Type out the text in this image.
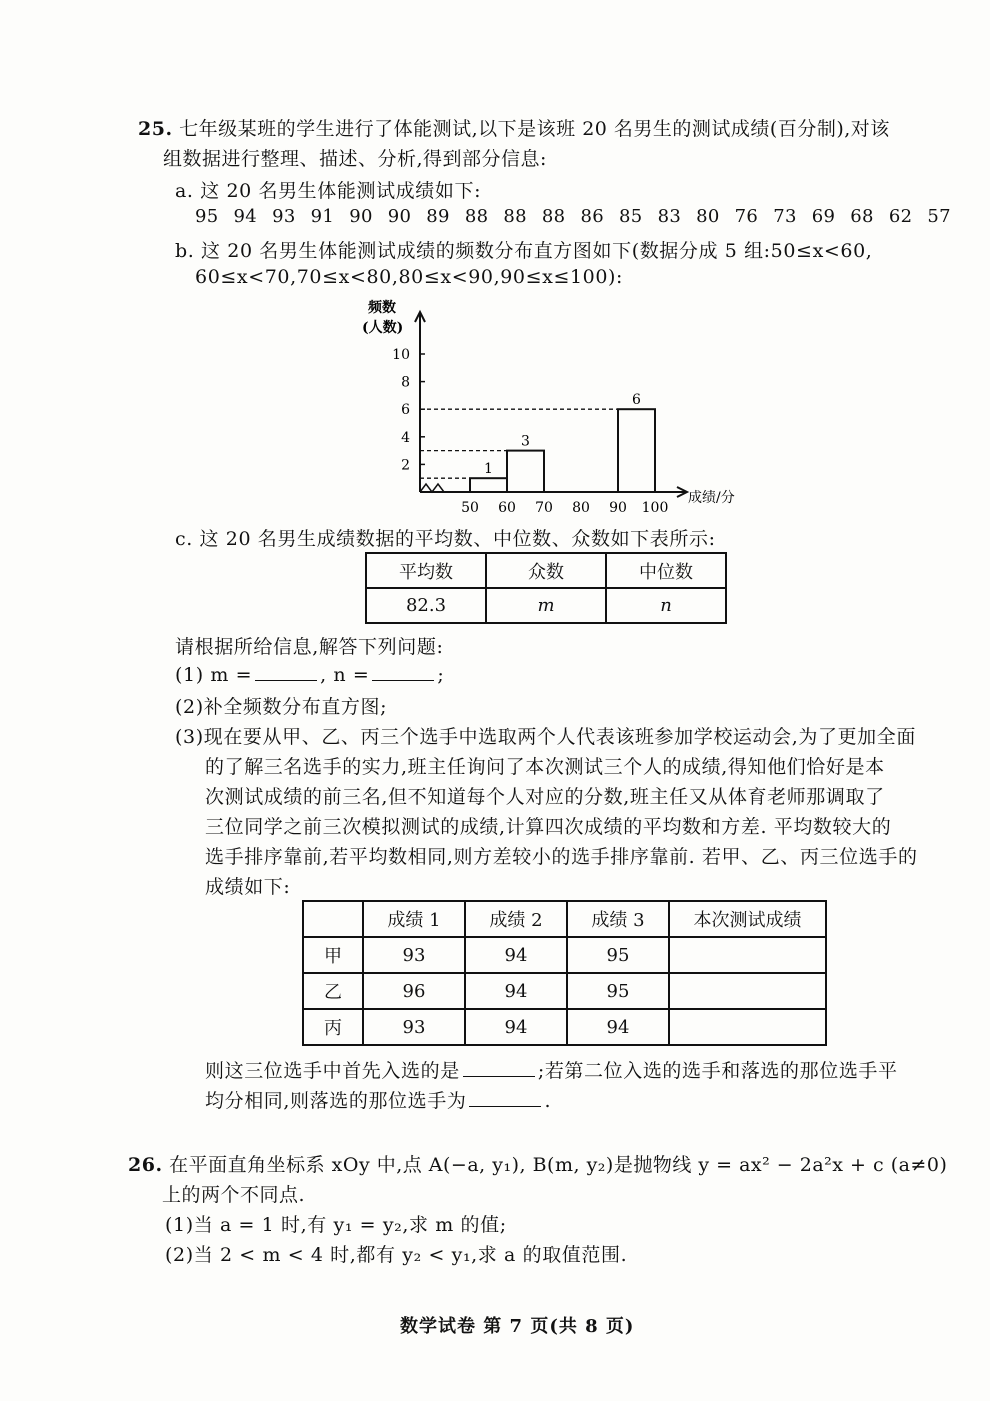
25. 七年级某班的学生进行了体能测试,以下是该班 20 名男生的测试成绩(百分制),对该
组数据进行整理、描述、分析,得到部分信息:
a. 这 20 名男生体能测试成绩如下:
95 94 93 91 90 90 89 88 88 88 86 85 83 80 76 73 69 68 62 57
b. 这 20 名男生体能测试成绩的频数分布直方图如下(数据分成 5 组:50≤x<60,
60≤x<70,70≤x<80,80≤x<90,90≤x≤100):
频数
(人数)
2
4
6
8
10
50 60 70 80 90 100
成绩/分
1
3
6
c. 这 20 名男生成绩数据的平均数、中位数、众数如下表所示:
平均数	众数	中位数
82.3	m	n
请根据所给信息,解答下列问题:
(1) m =	, n =	;
(2)补全频数分布直方图;
(3)现在要从甲、乙、丙三个选手中选取两个人代表该班参加学校运动会,为了更加全面
的了解三名选手的实力,班主任询问了本次测试三个人的成绩,得知他们恰好是本
次测试成绩的前三名,但不知道每个人对应的分数,班主任又从体育老师那调取了
三位同学之前三次模拟测试的成绩,计算四次成绩的平均数和方差. 平均数较大的
选手排序靠前,若平均数相同,则方差较小的选手排序靠前. 若甲、乙、丙三位选手的
成绩如下:
	成绩 1	成绩 2	成绩 3	本次测试成绩
甲	93	94	95	
乙	96	94	95	
丙	93	94	94	
则这三位选手中首先入选的是	;若第二位入选的选手和落选的那位选手平
均分相同,则落选的那位选手为	.
26. 在平面直角坐标系 xOy 中,点 A(−a, y₁), B(m, y₂)是抛物线 y = ax² − 2a²x + c (a≠0)
上的两个不同点.
(1)当 a = 1 时,有 y₁ = y₂,求 m 的值;
(2)当 2 < m < 4 时,都有 y₂ < y₁,求 a 的取值范围.
数学试卷 第 7 页(共 8 页)
